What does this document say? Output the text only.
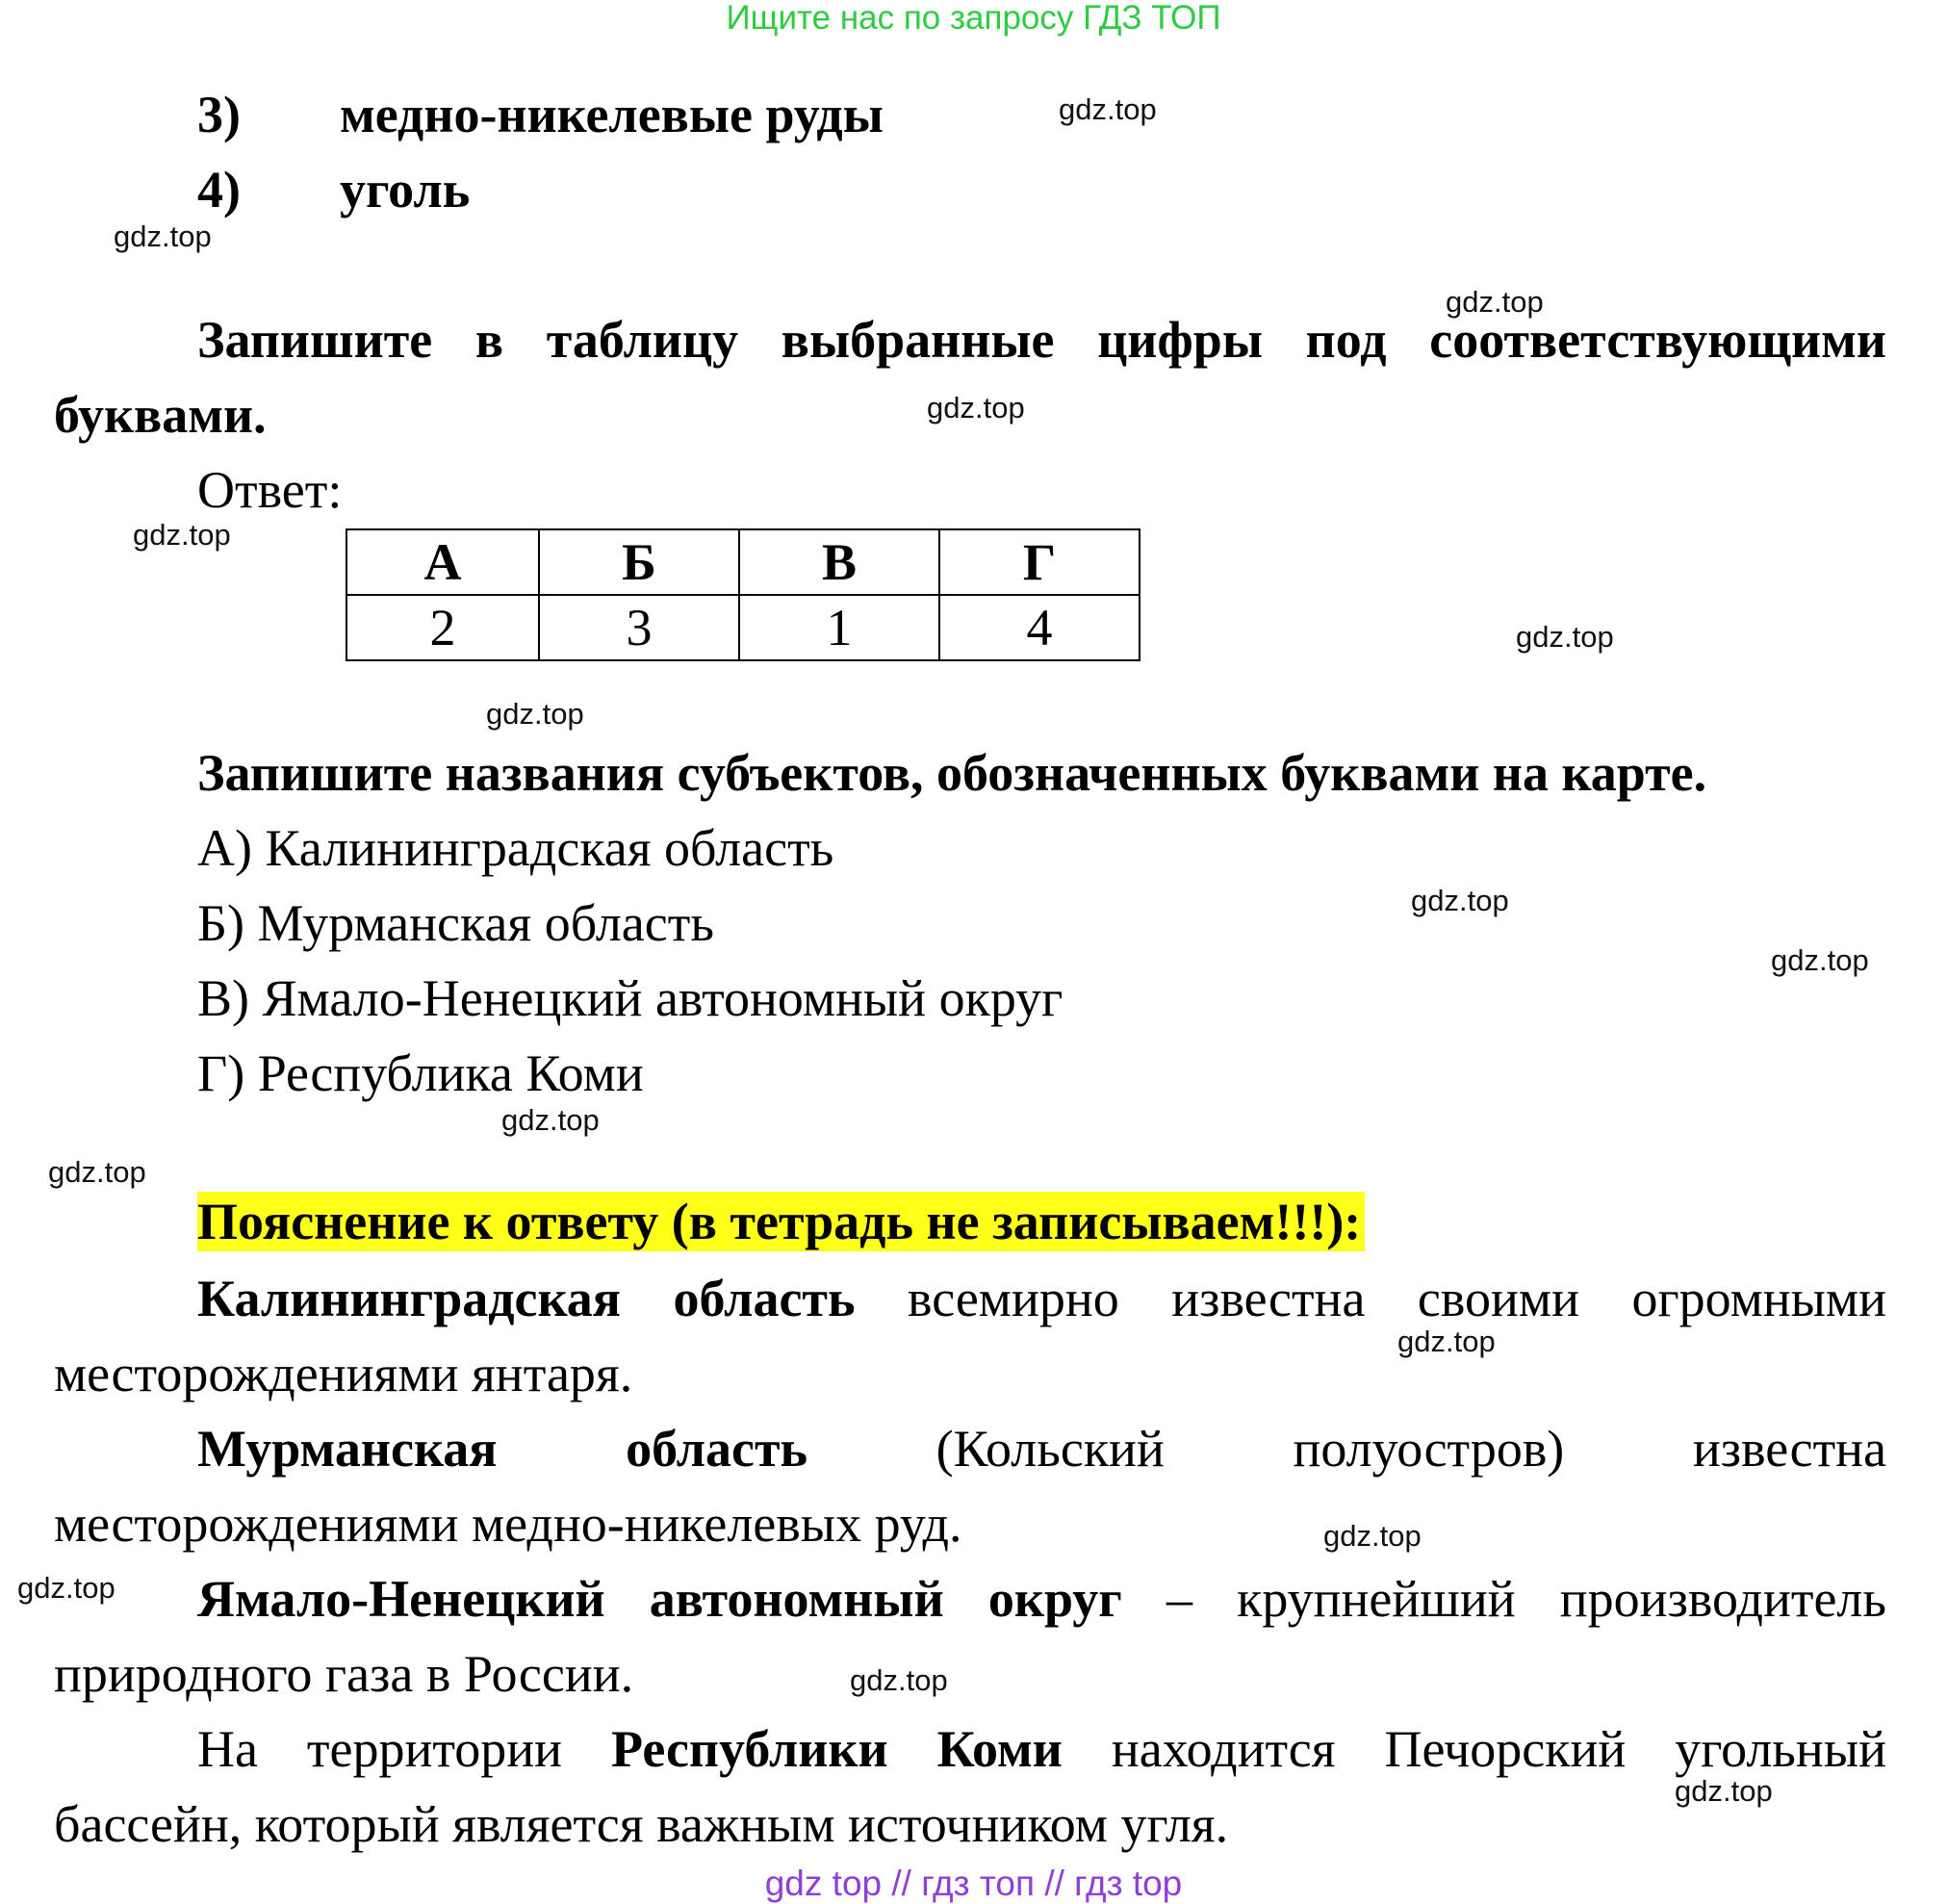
Ищите нас по запросу ГДЗ ТОП
3) медно-никелевые руды
4) уголь
Запишите в таблицу выбранные цифры под соответствующими
буквами.
Ответ:
А	Б	В	Г
2	3	1	4
Запишите названия субъектов, обозначенных буквами на карте.
А) Калининградская область
Б) Мурманская область
В) Ямало-Ненецкий автономный округ
Г) Республика Коми
Пояснение к ответу (в тетрадь не записываем!!!):
Калининградская область всемирно известна своими огромными
месторождениями янтаря.
Мурманская область (Кольский полуостров) известна
месторождениями медно-никелевых руд.
Ямало-Ненецкий автономный округ – крупнейший производитель
природного газа в России.
На территории Республики Коми находится Печорский угольный
бассейн, который является важным источником угля.
gdz.top
gdz.top
gdz.top
gdz.top
gdz.top
gdz.top
gdz.top
gdz.top
gdz.top
gdz.top
gdz.top
gdz.top
gdz.top
gdz.top
gdz.top
gdz.top
gdz top // гдз топ // гдз top
